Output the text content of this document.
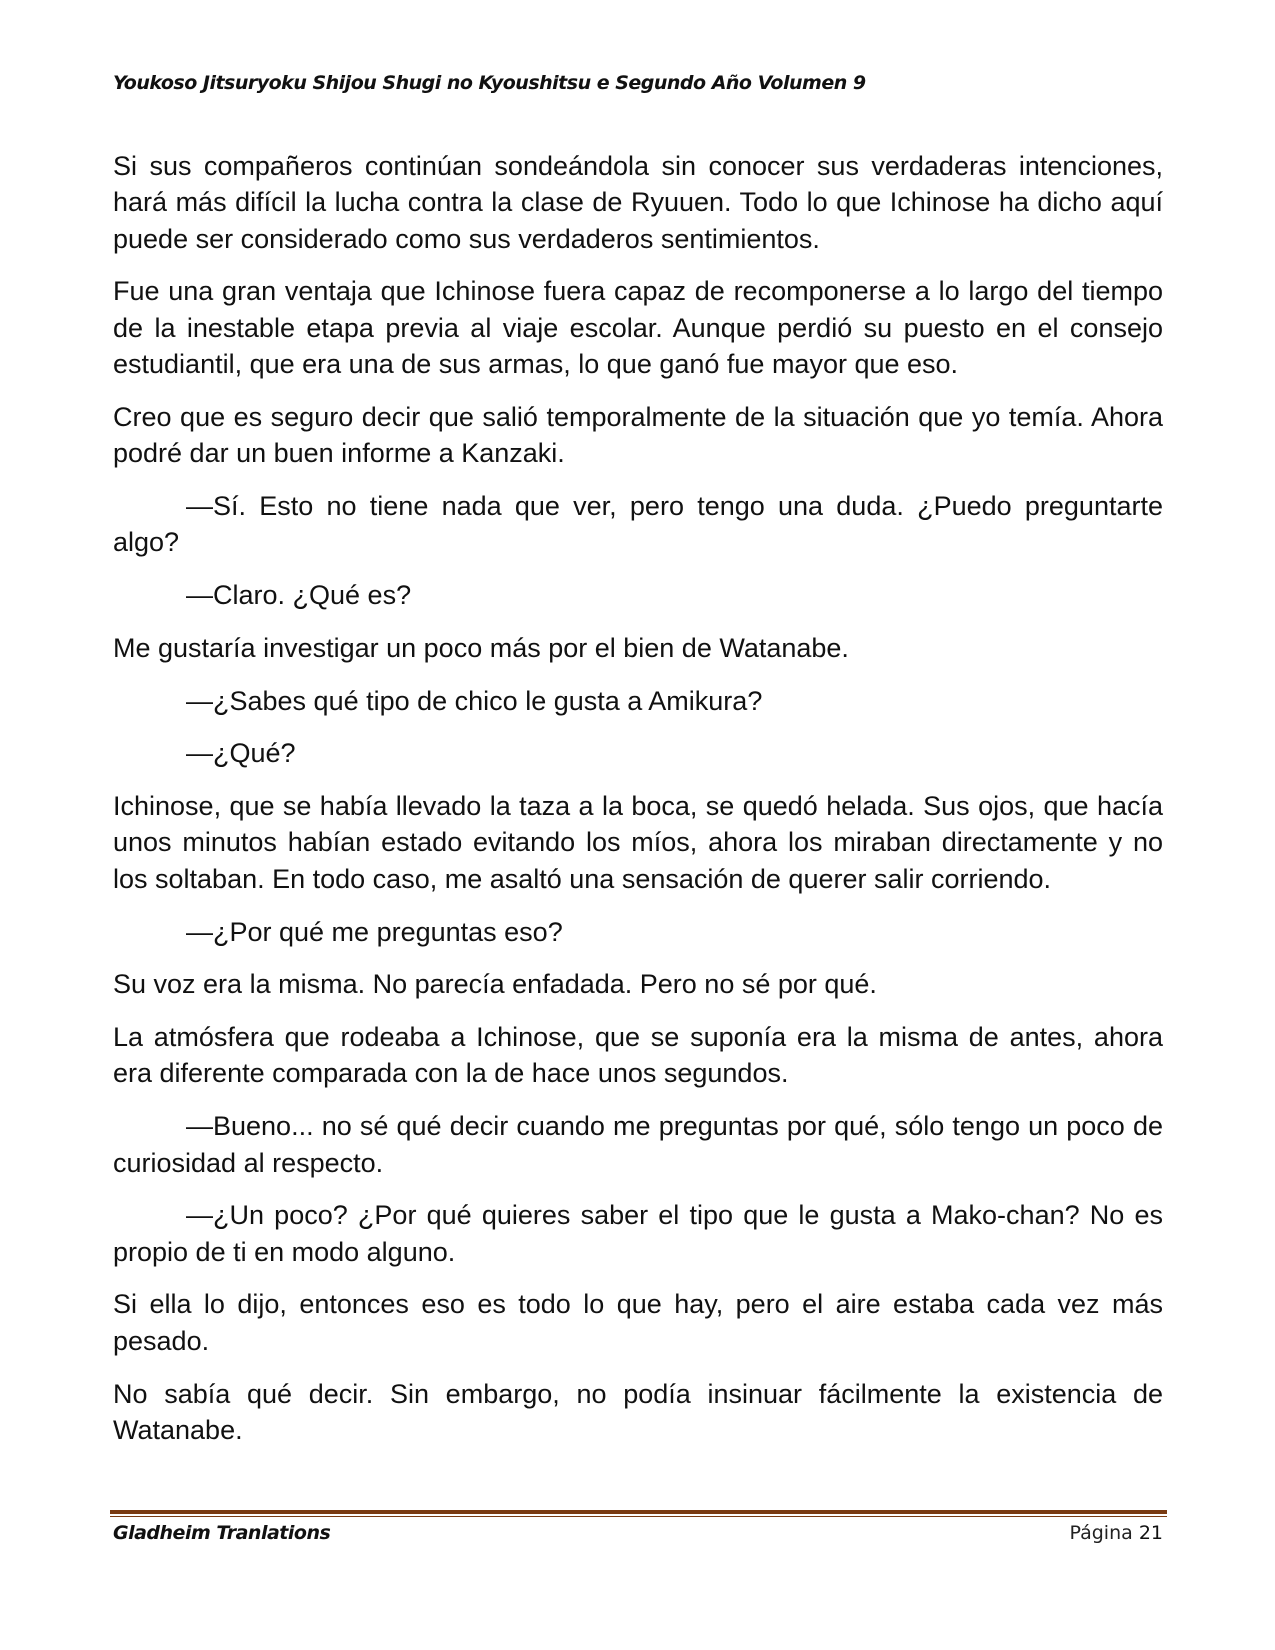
Youkoso Jitsuryoku Shijou Shugi no Kyoushitsu e Segundo Año Volumen 9

Si sus compañeros continúan sondeándola sin conocer sus verdaderas intenciones, hará más difícil la lucha contra la clase de Ryuuen. Todo lo que Ichinose ha dicho aquí puede ser considerado como sus verdaderos sentimientos.

Fue una gran ventaja que Ichinose fuera capaz de recomponerse a lo largo del tiempo de la inestable etapa previa al viaje escolar. Aunque perdió su puesto en el consejo estudiantil, que era una de sus armas, lo que ganó fue mayor que eso.

Creo que es seguro decir que salió temporalmente de la situación que yo temía. Ahora podré dar un buen informe a Kanzaki.

—Sí. Esto no tiene nada que ver, pero tengo una duda. ¿Puedo preguntarte algo?

—Claro. ¿Qué es?

Me gustaría investigar un poco más por el bien de Watanabe.

—¿Sabes qué tipo de chico le gusta a Amikura?

—¿Qué?

Ichinose, que se había llevado la taza a la boca, se quedó helada. Sus ojos, que hacía unos minutos habían estado evitando los míos, ahora los miraban directamente y no los soltaban. En todo caso, me asaltó una sensación de querer salir corriendo.

—¿Por qué me preguntas eso?

Su voz era la misma. No parecía enfadada. Pero no sé por qué.

La atmósfera que rodeaba a Ichinose, que se suponía era la misma de antes, ahora era diferente comparada con la de hace unos segundos.

—Bueno... no sé qué decir cuando me preguntas por qué, sólo tengo un poco de curiosidad al respecto.

—¿Un poco? ¿Por qué quieres saber el tipo que le gusta a Mako-chan? No es propio de ti en modo alguno.

Si ella lo dijo, entonces eso es todo lo que hay, pero el aire estaba cada vez más pesado.

No sabía qué decir. Sin embargo, no podía insinuar fácilmente la existencia de Watanabe.

Gladheim Tranlations	Página 21
